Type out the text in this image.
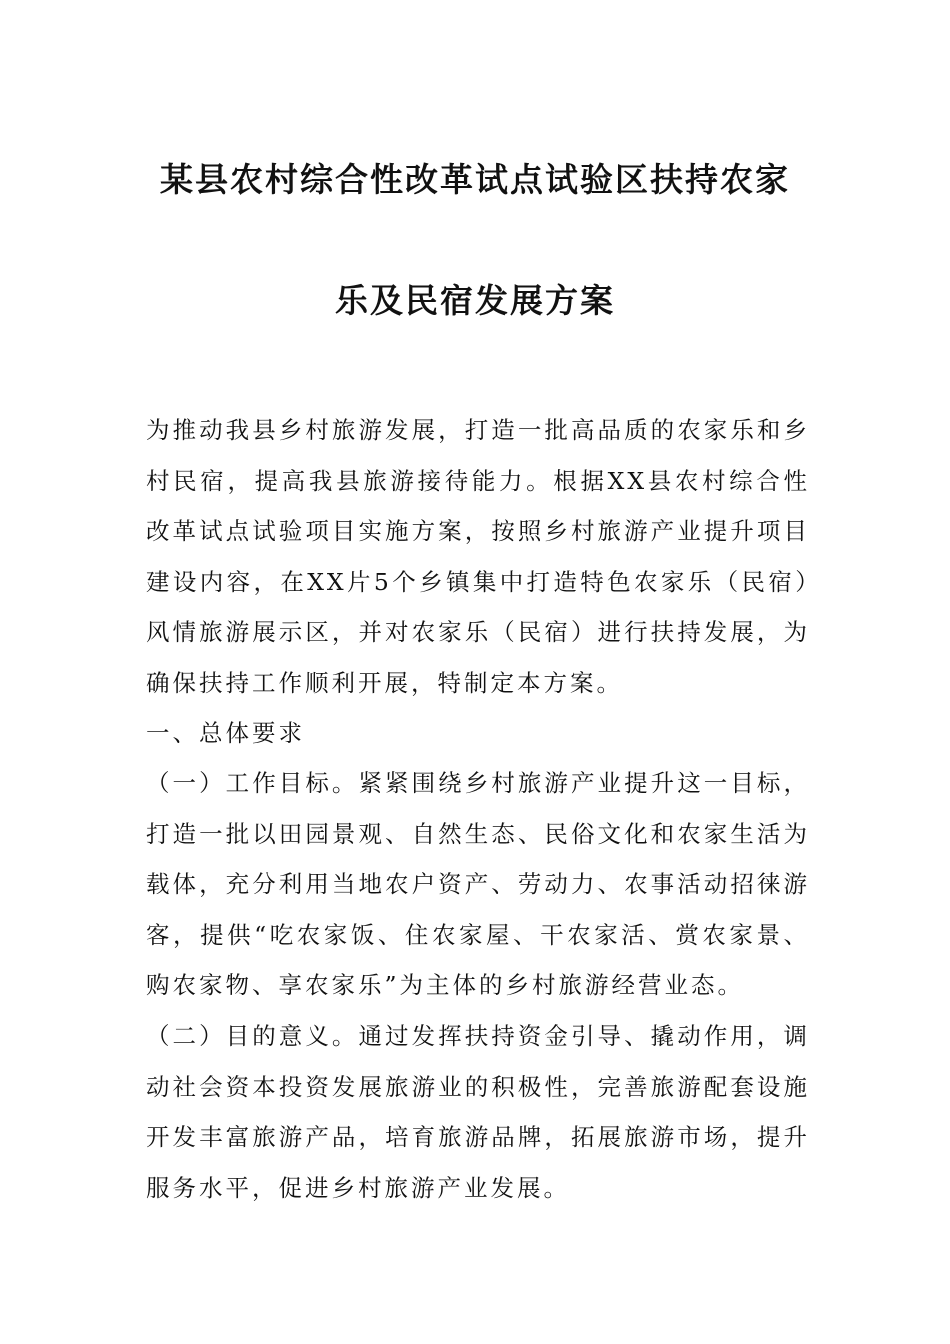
某县农村综合性改革试点试验区扶持农家
乐及民宿发展方案

为推动我县乡村旅游发展，打造一批高品质的农家乐和乡村民宿，提高我县旅游接待能力。根据XX县农村综合性改革试点试验项目实施方案，按照乡村旅游产业提升项目建设内容，在XX片5个乡镇集中打造特色农家乐（民宿）风情旅游展示区，并对农家乐（民宿）进行扶持发展，为确保扶持工作顺利开展，特制定本方案。

一、总体要求

（一）工作目标。紧紧围绕乡村旅游产业提升这一目标，打造一批以田园景观、自然生态、民俗文化和农家生活为载体，充分利用当地农户资产、劳动力、农事活动招徕游客，提供“吃农家饭、住农家屋、干农家活、赏农家景、购农家物、享农家乐”为主体的乡村旅游经营业态。

（二）目的意义。通过发挥扶持资金引导、撬动作用，调动社会资本投资发展旅游业的积极性，完善旅游配套设施开发丰富旅游产品，培育旅游品牌，拓展旅游市场，提升服务水平，促进乡村旅游产业发展。
